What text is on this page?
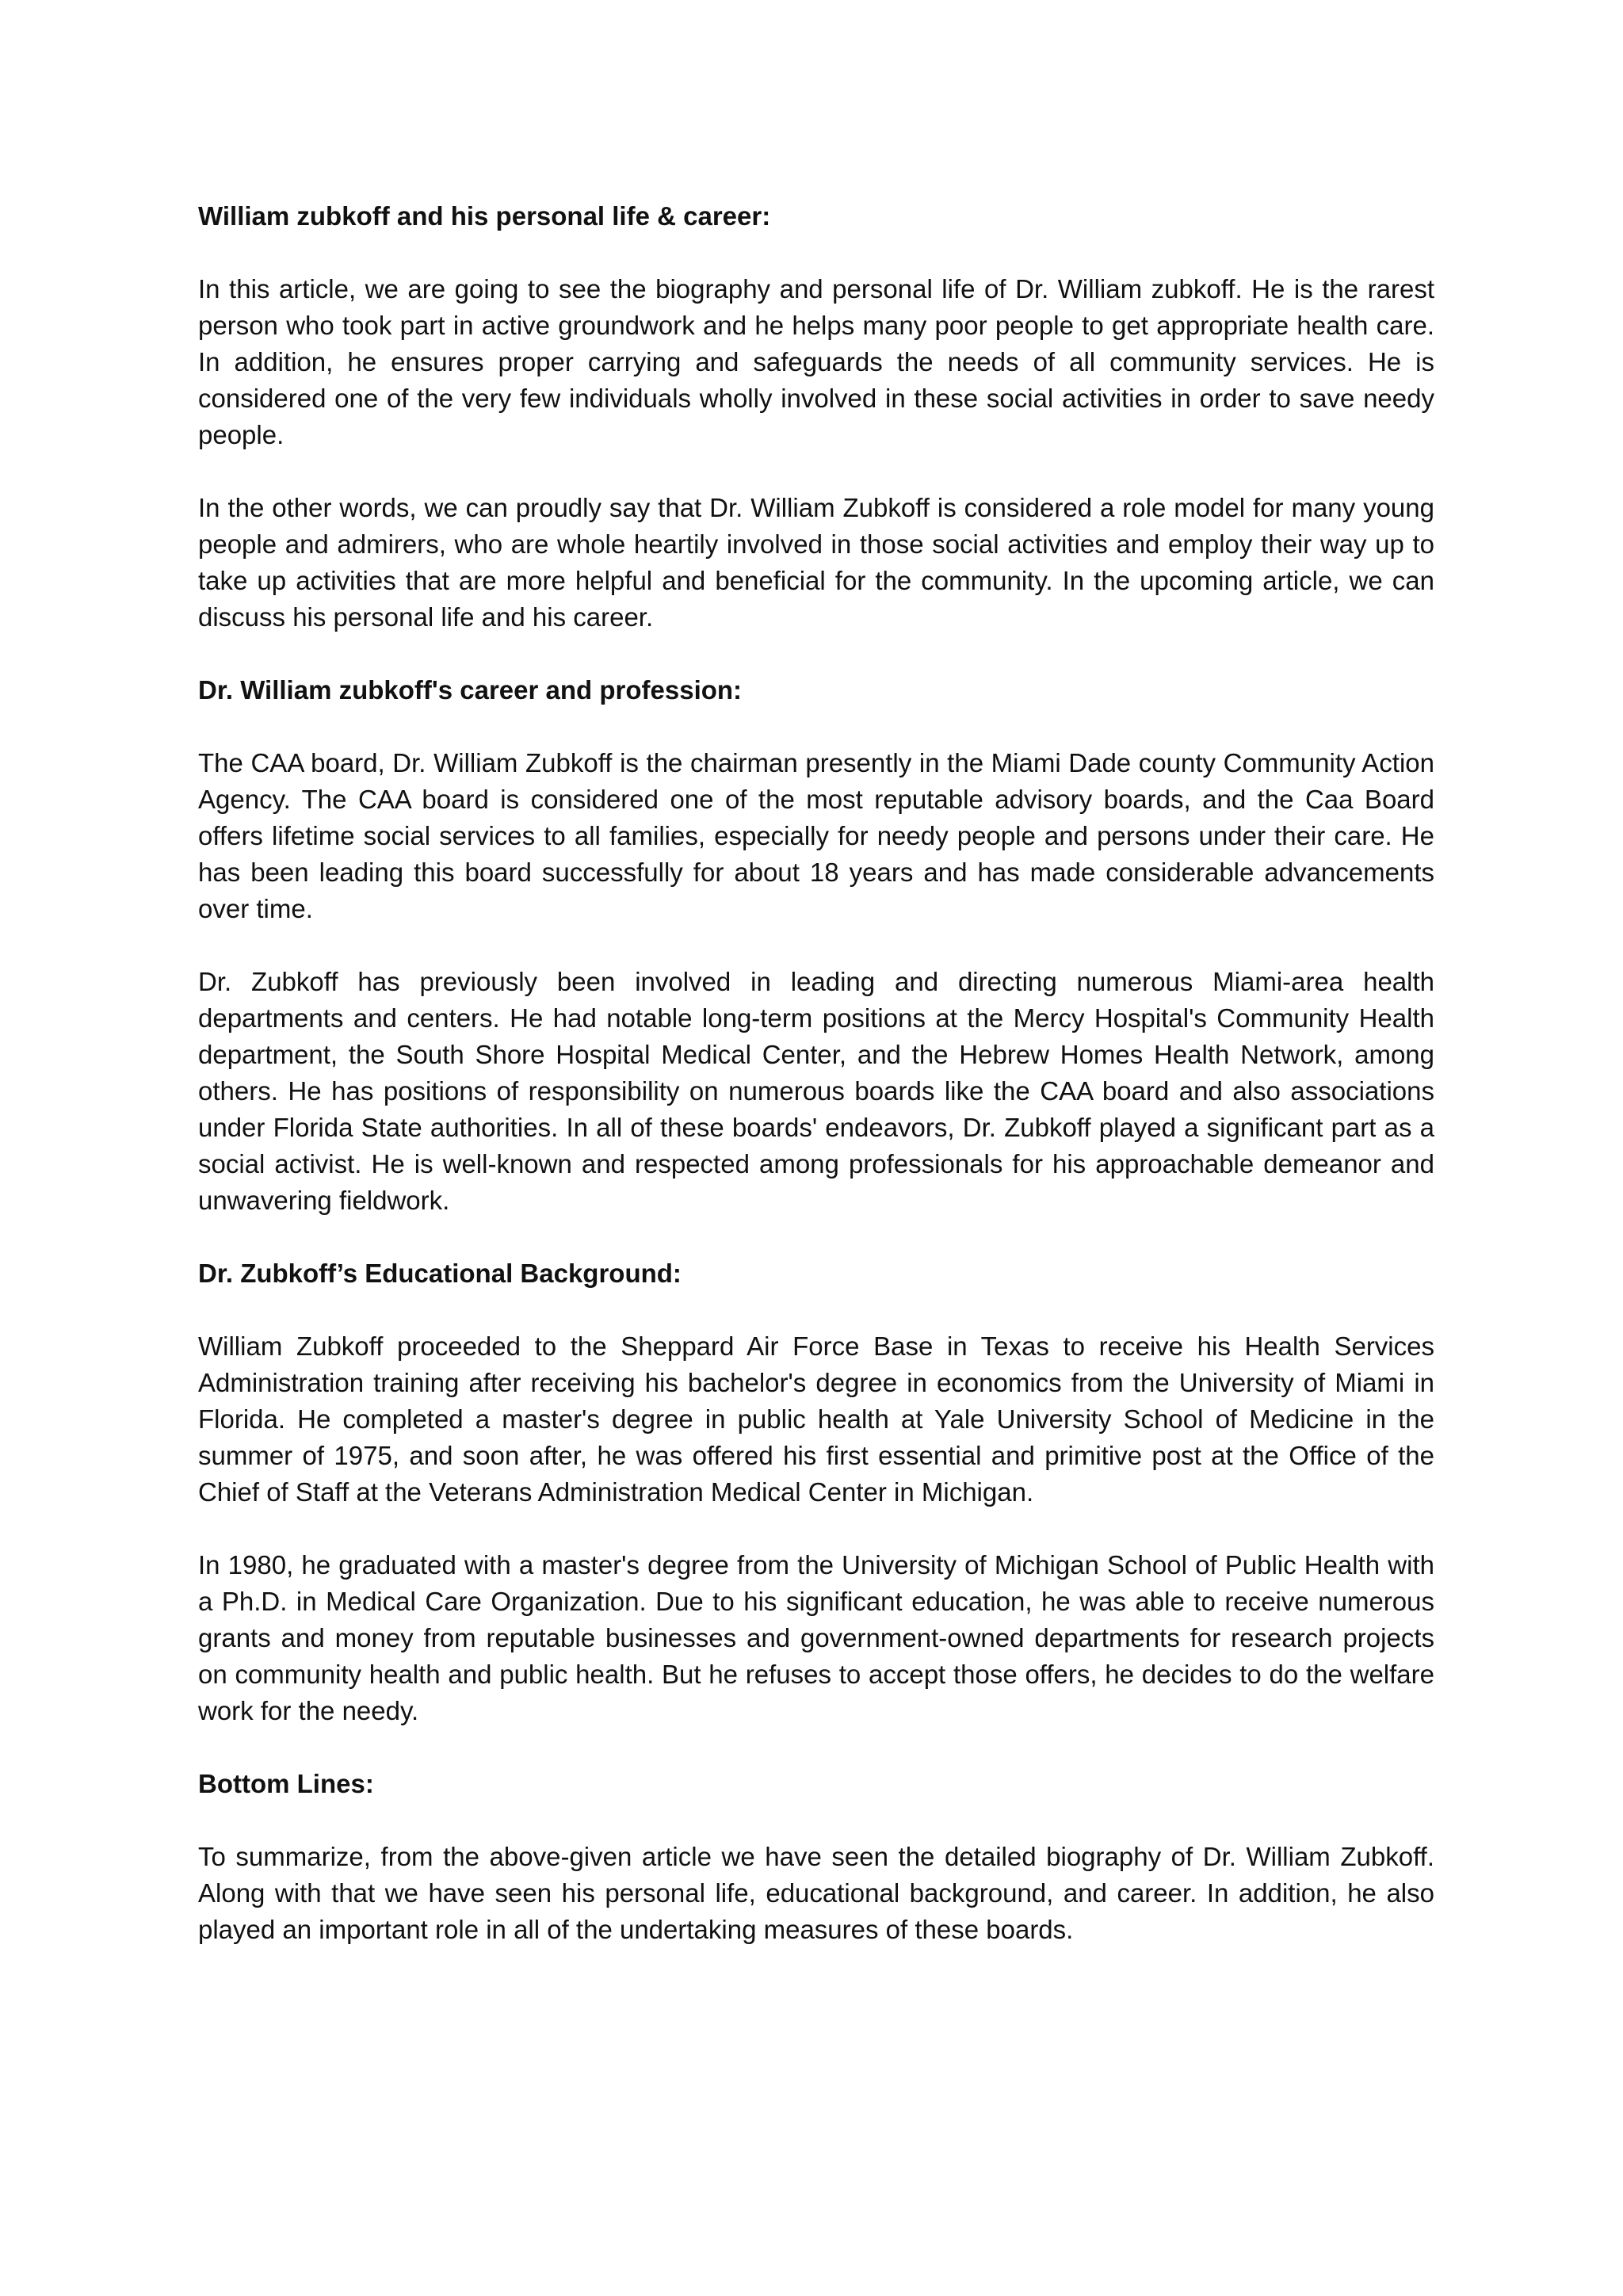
William zubkoff and his personal life & career:

In this article, we are going to see the biography and personal life of Dr. William zubkoff. He is the rarest person who took part in active groundwork and he helps many poor people to get appropriate health care. In addition, he ensures proper carrying and safeguards the needs of all community services. He is considered one of the very few individuals wholly involved in these social activities in order to save needy people.

In the other words, we can proudly say that Dr. William Zubkoff is considered a role model for many young people and admirers, who are whole heartily involved in those social activities and employ their way up to take up activities that are more helpful and beneficial for the community. In the upcoming article, we can discuss his personal life and his career.

Dr. William zubkoff's career and profession:

The CAA board, Dr. William Zubkoff is the chairman presently in the Miami Dade county Community Action Agency. The CAA board is considered one of the most reputable advisory boards, and the Caa Board offers lifetime social services to all families, especially for needy people and persons under their care. He has been leading this board successfully for about 18 years and has made considerable advancements over time.

Dr. Zubkoff has previously been involved in leading and directing numerous Miami-area health departments and centers. He had notable long-term positions at the Mercy Hospital's Community Health department, the South Shore Hospital Medical Center, and the Hebrew Homes Health Network, among others. He has positions of responsibility on numerous boards like the CAA board and also associations under Florida State authorities. In all of these boards' endeavors, Dr. Zubkoff played a significant part as a social activist. He is well-known and respected among professionals for his approachable demeanor and unwavering fieldwork.

Dr. Zubkoff’s Educational Background:

William Zubkoff proceeded to the Sheppard Air Force Base in Texas to receive his Health Services Administration training after receiving his bachelor's degree in economics from the University of Miami in Florida. He completed a master's degree in public health at Yale University School of Medicine in the summer of 1975, and soon after, he was offered his first essential and primitive post at the Office of the Chief of Staff at the Veterans Administration Medical Center in Michigan.

In 1980, he graduated with a master's degree from the University of Michigan School of Public Health with a Ph.D. in Medical Care Organization. Due to his significant education, he was able to receive numerous grants and money from reputable businesses and government-owned departments for research projects on community health and public health. But he refuses to accept those offers, he decides to do the welfare work for the needy.

Bottom Lines:

To summarize, from the above-given article we have seen the detailed biography of Dr. William Zubkoff. Along with that we have seen his personal life, educational background, and career. In addition, he also played an important role in all of the undertaking measures of these boards.
